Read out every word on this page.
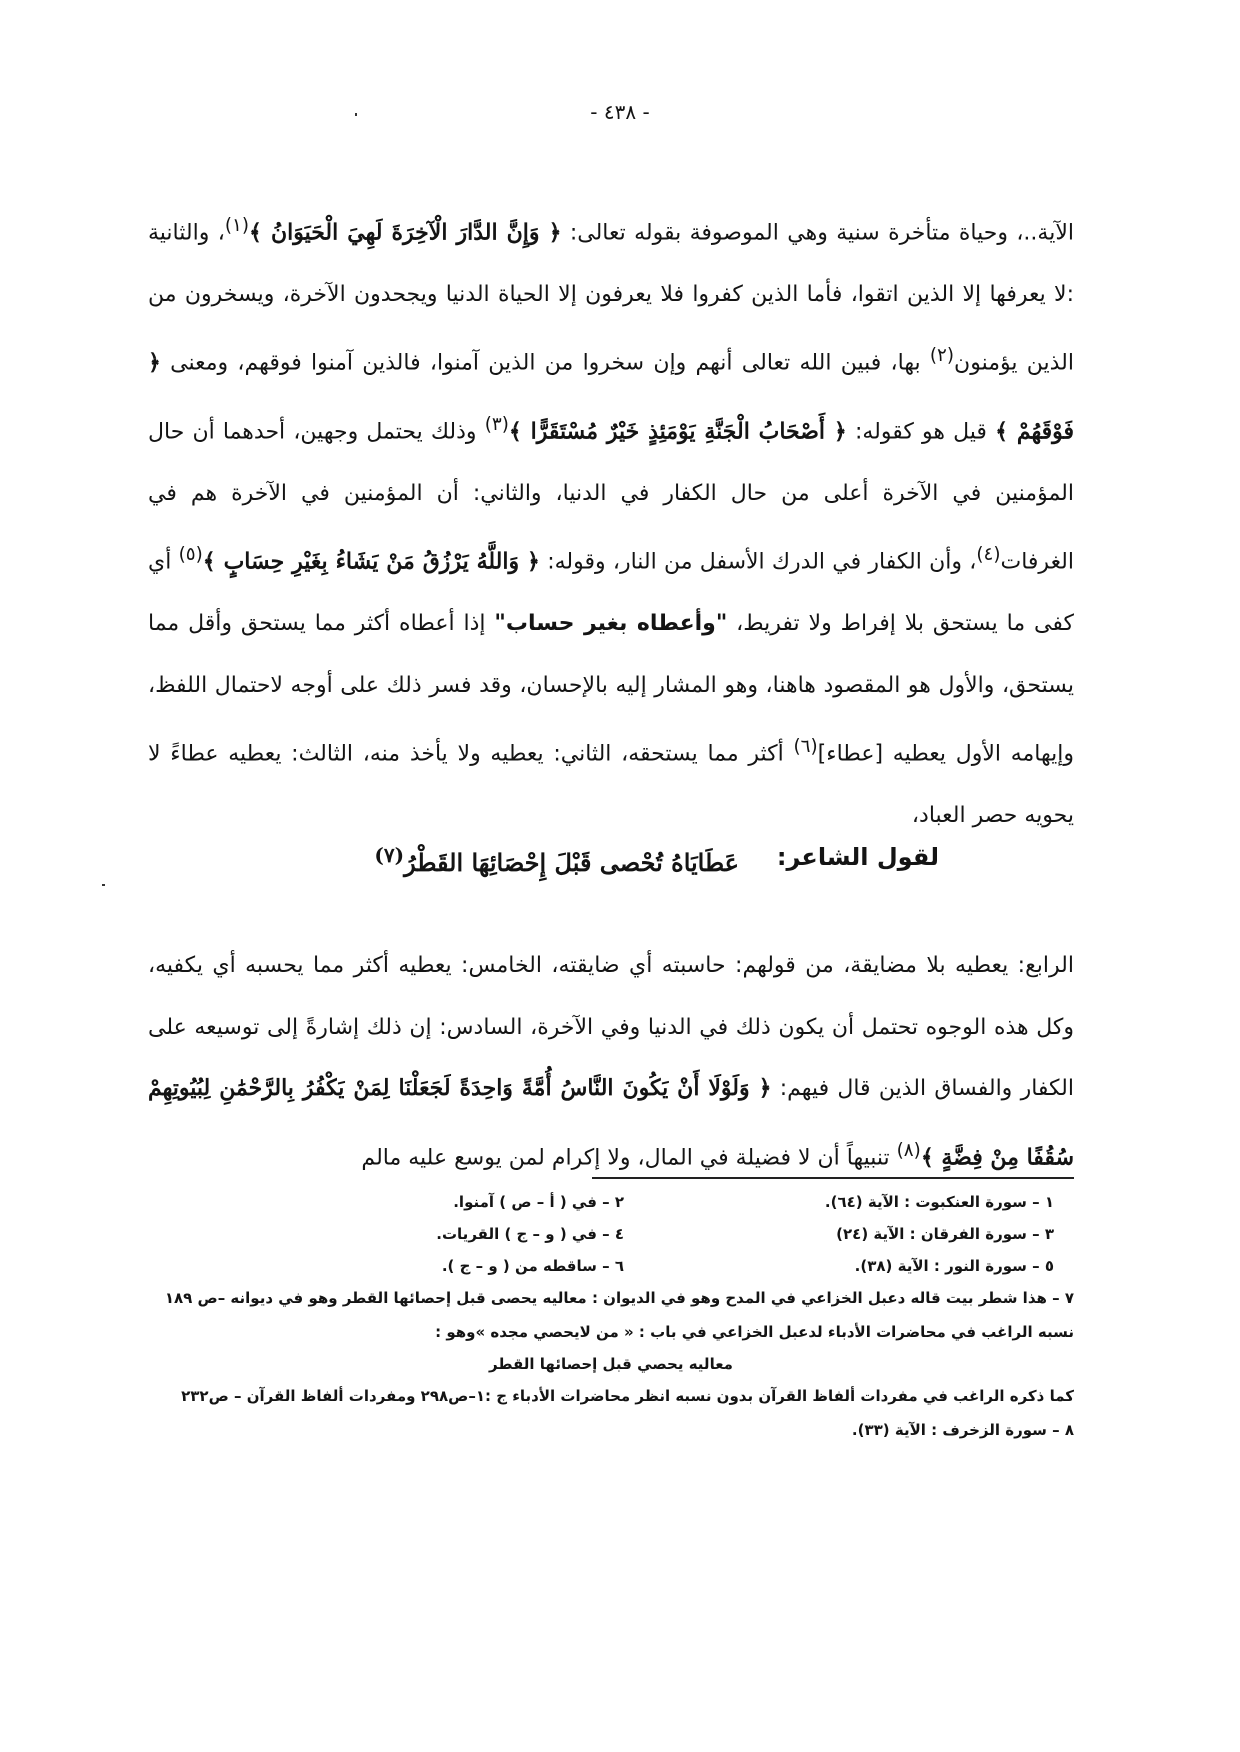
- ٤٣٨ -
الآية..، وحياة متأخرة سنية وهي الموصوفة بقوله تعالى: ﴿ وَإِنَّ الدَّارَ الْآخِرَةَ لَهِيَ الْحَيَوَانُ ﴾$^{(١)}$، والثانية :لا يعرفها إلا الذين اتقوا، فأما الذين كفروا فلا يعرفون إلا الحياة الدنيا ويجحدون الآخرة، ويسخرون من الذين يؤمنون$^{(٢)}$ بها، فبين الله تعالى أنهم وإن سخروا من الذين آمنوا، فالذين آمنوا فوقهم، ومعنى ﴿ فَوْقَهُمْ ﴾ قيل هو كقوله: ﴿ أَصْحَابُ الْجَنَّةِ يَوْمَئِذٍ خَيْرٌ مُسْتَقَرًّا ﴾$^{(٣)}$ وذلك يحتمل وجهين، أحدهما أن حال المؤمنين في الآخرة أعلى من حال الكفار في الدنيا، والثاني: أن المؤمنين في الآخرة هم في الغرفات$^{(٤)}$، وأن الكفار في الدرك الأسفل من النار، وقوله: ﴿ وَاللَّهُ يَرْزُقُ مَنْ يَشَاءُ بِغَيْرِ حِسَابٍ ﴾$^{(٥)}$ أي كفى ما يستحق بلا إفراط ولا تفريط، "وأعطاه بغير حساب" إذا أعطاه أكثر مما يستحق وأقل مما يستحق، والأول هو المقصود هاهنا، وهو المشار إليه بالإحسان، وقد فسر ذلك على أوجه لاحتمال اللفظ، وإيهامه الأول يعطيه [عطاء]$^{(٦)}$ أكثر مما يستحقه، الثاني: يعطيه ولا يأخذ منه، الثالث: يعطيه عطاءً لا يحويه حصر العباد،
لقول الشاعر:
عَطَايَاهُ تُحْصى قَبْلَ إِحْصَائِهَا القَطْرُ$^{(٧)}$
الرابع: يعطيه بلا مضايقة، من قولهم: حاسبته أي ضايقته، الخامس: يعطيه أكثر مما يحسبه أي يكفيه، وكل هذه الوجوه تحتمل أن يكون ذلك في الدنيا وفي الآخرة، السادس: إن ذلك إشارةً إلى توسيعه على الكفار والفساق الذين قال فيهم: ﴿ وَلَوْلَا أَنْ يَكُونَ النَّاسُ أُمَّةً وَاحِدَةً لَجَعَلْنَا لِمَنْ يَكْفُرُ بِالرَّحْمَٰنِ لِبُيُوتِهِمْ سُقُفًا مِنْ فِضَّةٍ ﴾$^{(٨)}$ تنبيهاً أن لا فضيلة في المال، ولا إكرام لمن يوسع عليه مالم
١ – سورة العنكبوت : الآية (٦٤).
٢ – في ( أ – ص ) آمنوا.
٣ – سورة الفرقان : الآية (٢٤)
٤ – في ( و – ج ) القريات.
٥ – سورة النور : الآية (٣٨).
٦ – ساقطه من ( و – ج ).
٧ – هذا شطر بيت قاله دعبل الخزاعي في المدح وهو في الديوان : معاليه يحصى قبل إحصائها القطر وهو في ديوانه –ص ١٨٩
نسبه الراغب في محاضرات الأدباء لدعبل الخزاعي في باب : « من لايحصي مجده »وهو :
معاليه يحصي قبل إحصائها القطر
كما ذكره الراغب في مفردات ألفاظ القرآن بدون نسبه انظر محاضرات الأدباء ج :١–ص٢٩٨ ومفردات ألفاظ القرآن – ص٢٣٢
٨ – سورة الزخرف : الآية (٣٣).
